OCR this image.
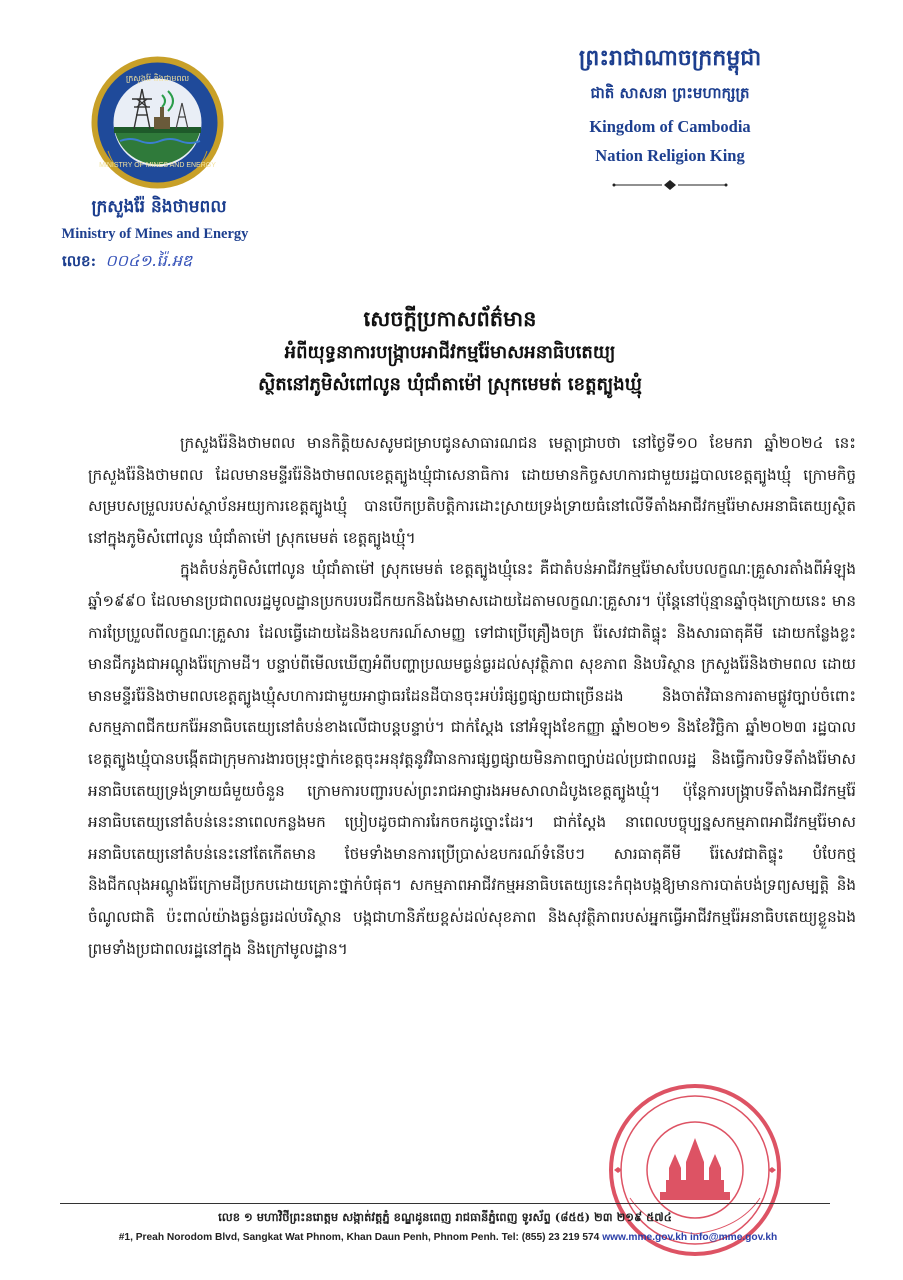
MINISTRY OF MINES AND ENERGY
ក្រសួងរ៉ែ និងថាមពល
ក្រសួងរ៉ែ និងថាមពល
Ministry of Mines and Energy
លេខ: ០០៤១.រ៉ៃ.អឌ
ព្រះរាជាណាចក្រកម្ពុជា
ជាតិ សាសនា ព្រះមហាក្សត្រ
Kingdom of Cambodia
Nation Religion King
សេចក្តីប្រកាសព័ត៌មាន
អំពីយុទ្ធនាការបង្ក្រាបអាជីវកម្មរ៉ែមាសអនាធិបតេយ្យ
ស្ថិតនៅភូមិសំពៅលូន ឃុំជាំតាម៉ៅ ស្រុកមេមត់ ខេត្តត្បូងឃ្មុំ

ក្រសួងរ៉ែនិងថាមពល មានកិត្តិយសសូមជម្រាបជូនសាធារណជន មេត្តាជ្រាបថា នៅថ្ងៃទី១០ ខែមករា ឆ្នាំ២០២៤ នេះ ក្រសួងរ៉ែនិងថាមពល ដែលមានមន្ទីររ៉ែនិងថាមពលខេត្តត្បូងឃ្មុំជាសេនាធិការ ដោយមានកិច្ចសហការជាមួយរដ្ឋបាលខេត្តត្បូងឃ្មុំ ក្រោមកិច្ចសម្របសម្រួលរបស់ស្ថាប័នអយ្យការខេត្តត្បូងឃ្មុំ បានបើកប្រតិបត្តិការដោះស្រាយទ្រង់ទ្រាយធំនៅលើទីតាំងអាជីវកម្មរ៉ែមាសអនាធិតេយ្យស្ថិតនៅក្នុងភូមិសំពៅលូន ឃុំជាំតាម៉ៅ ស្រុកមេមត់ ខេត្តត្បូងឃ្មុំ។

ក្នុងតំបន់ភូមិសំពៅលូន ឃុំជាំតាម៉ៅ ស្រុកមេមត់ ខេត្តត្បូងឃ្មុំនេះ គឺជាតំបន់អាជីវកម្មរ៉ែមាសបែបលក្ខណៈគ្រួសារតាំងពីអំឡុងឆ្នាំ១៩៩០ ដែលមានប្រជាពលរដ្ឋមូលដ្ឋានប្រកបរបរជីកយកនិងរែងមាសដោយដៃតាមលក្ខណៈគ្រួសារ។ ប៉ុន្តែនៅប៉ុន្មានឆ្នាំចុងក្រោយនេះ មានការប្រែប្រួលពីលក្ខណៈគ្រួសារ ដែលធ្វើដោយដៃនិងឧបករណ៍សាមញ្ញ ទៅជាប្រើគ្រឿងចក្រ រ៉ែសេវជាតិផ្ទុះ និងសារធាតុគីមី ដោយកន្លែងខ្លះមានជីករូងជាអណ្តូងរ៉ែក្រោមដី។ បន្ទាប់ពីមើលឃើញអំពីបញ្ហាប្រឈមធ្ងន់ធ្ងរដល់សុវត្ថិភាព សុខភាព និងបរិស្ថាន ក្រសួងរ៉ែនិងថាមពល ដោយមានមន្ទីររ៉ែនិងថាមពលខេត្តត្បូងឃ្មុំសហការជាមួយអាជ្ញាធរដែនដីបានចុះអប់រំផ្សព្វផ្សាយជាច្រើនដង និងចាត់វិធានការតាមផ្លូវច្បាប់ចំពោះសកម្មភាពជីកយករ៉ែអនាធិបតេយ្យនៅតំបន់ខាងលើជាបន្តបន្ទាប់។ ជាក់ស្តែង នៅអំឡុងខែកញ្ញា ឆ្នាំ២០២១ និងខែវិច្ឆិកា ឆ្នាំ២០២៣ រដ្ឋបាលខេត្តត្បូងឃ្មុំបានបង្កើតជាក្រុមការងារចម្រុះថ្នាក់ខេត្តចុះអនុវត្តនូវវិធានការផ្សព្វផ្សាយមិនភាពច្បាប់ដល់ប្រជាពលរដ្ឋ និងធ្វើការបិទទីតាំងរ៉ែមាសអនាធិបតេយ្យទ្រង់ទ្រាយធំមួយចំនួន ក្រោមការបញ្ជារបស់ព្រះរាជអាជ្ញារងអមសាលាដំបូងខេត្តត្បូងឃ្មុំ។ ប៉ុន្តែការបង្ក្រាបទីតាំងអាជីវកម្មរ៉ែអនាធិបតេយ្យនៅតំបន់នេះនាពេលកន្លងមក ប្រៀបដូចជាការរែកចកដូច្នោះដែរ។ ជាក់ស្តែង នាពេលបច្ចុប្បន្នសកម្មភាពអាជីវកម្មរ៉ែមាសអនាធិបតេយ្យនៅតំបន់នេះនៅតែកើតមាន ថែមទាំងមានការប្រើប្រាស់ឧបករណ៍ទំនើបៗ សារធាតុគីមី រ៉ែសេវជាតិផ្ទុះ បំបែកថ្ម និងជីកលុងអណ្តូងរ៉ែក្រោមដីប្រកបដោយគ្រោះថ្នាក់បំផុត។ សកម្មភាពអាជីវកម្មអនាធិបតេយ្យនេះកំពុងបង្កឱ្យមានការបាត់បង់ទ្រព្យសម្បត្តិ និងចំណូលជាតិ ប៉ះពាល់យ៉ាងធ្ងន់ធ្ងរដល់បរិស្ថាន បង្កជាហានិភ័យខ្ពស់ដល់សុខភាព និងសុវត្ថិភាពរបស់អ្នកធ្វើអាជីវកម្មរ៉ែអនាធិបតេយ្យខ្លួនឯង ព្រមទាំងប្រជាពលរដ្ឋនៅក្នុង និងក្រៅមូលដ្ឋាន។

លេខ ១ មហាវិថីព្រះនរោត្តម សង្កាត់វត្តភ្នំ ខណ្ឌដូនពេញ រាជធានីភ្នំពេញ ទូរស័ព្ទ (៨៥៥) ២៣ ២១៩ ៥៧៤
#1, Preah Norodom Blvd, Sangkat Wat Phnom, Khan Daun Penh, Phnom Penh. Tel: (855) 23 219 574 www.mme.gov.kh info@mme.gov.kh
